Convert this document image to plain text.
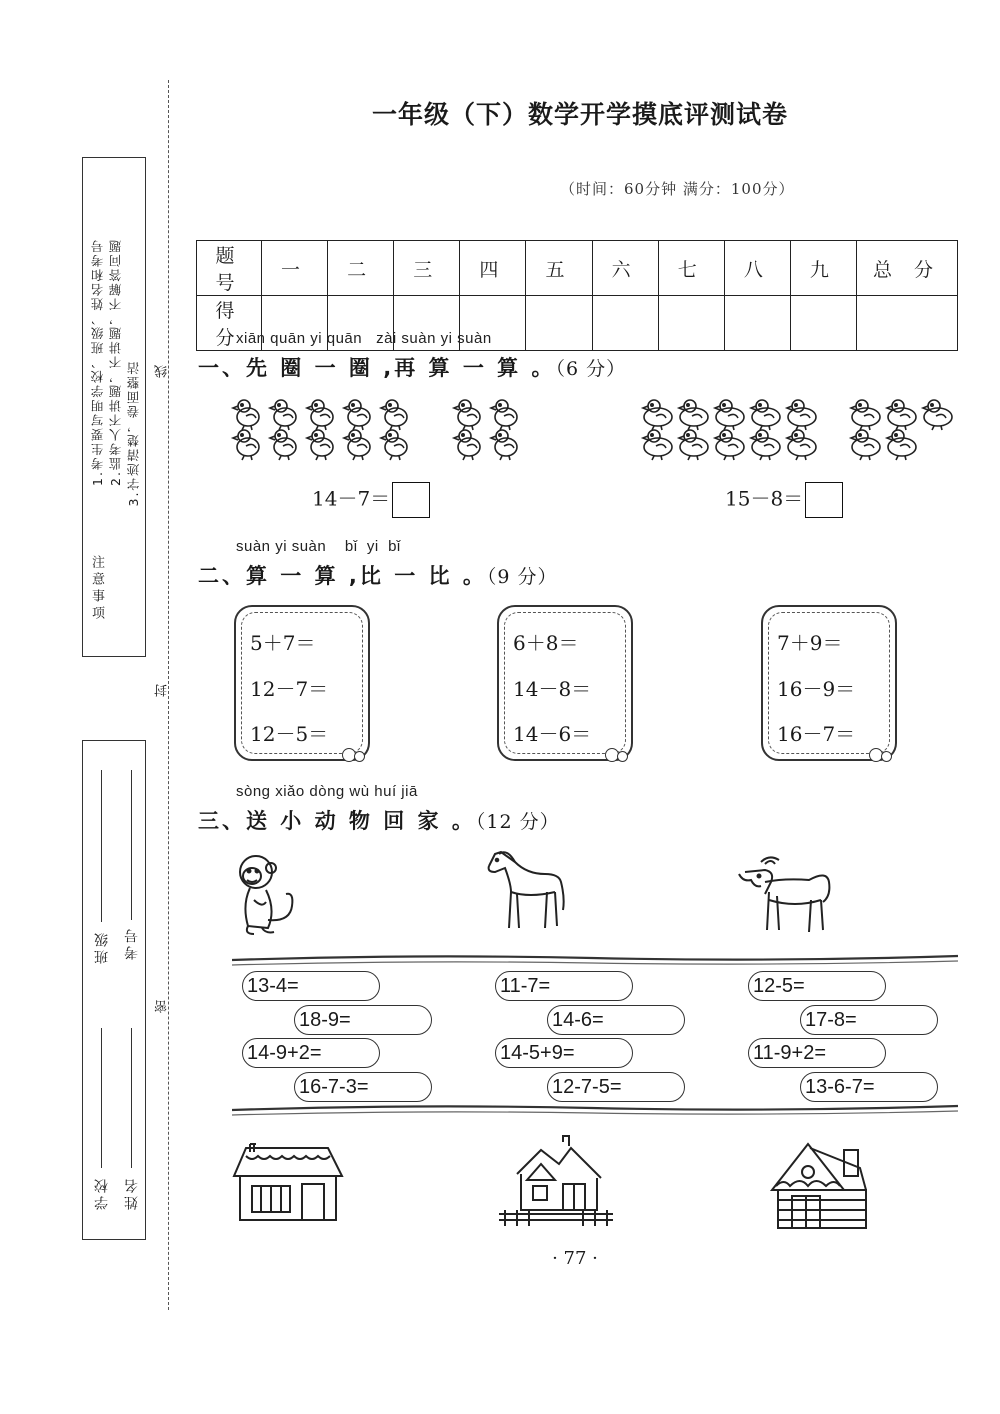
注意事项
1.考生要写明学校、班级、姓名和考号 2.监考人不讲题，不讲题，不解答问题 3.字迹清楚，卷面整洁 线
封
密
学校
班级
姓名
考号
一年级（下）数学开学摸底评测试卷
（时间：60分钟 满分：100分）
题 号	一	二	三	四	五	六	七	八	九	总 分
得 分										
xiān quān yi quān   zài suàn yi suàn
一、先 圈 一 圈 ,再 算 一 算 。（6 分）
14－7＝	15－8＝
suàn yi suàn    bǐ  yi  bǐ
二、算 一 算 ,比 一 比 。（9 分）
5＋7＝
12－7＝
12－5＝
6＋8＝
14－8＝
14－6＝
7＋9＝
16－9＝
16－7＝
sòng xiǎo dòng wù huí jiā
三、送 小 动 物 回 家 。（12 分）
13-4=
18-9=
14-9+2=
16-7-3=
11-7=
14-6=
14-5+9=
12-7-5=
12-5=
17-8=
11-9+2=
13-6-7=
· 77 ·
